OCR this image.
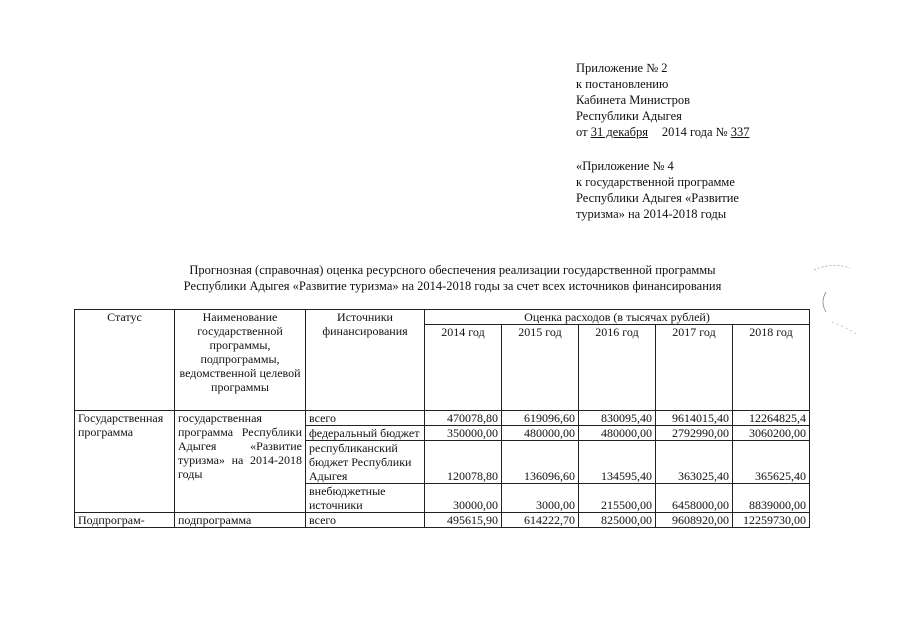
Приложение № 2
к постановлению
Кабинета Министров
Республики Адыгея
от 31 декабря 2014 года № 337
«Приложение № 4
к государственной программе
Республики Адыгея «Развитие
туризма» на 2014-2018 годы
Прогнозная (справочная) оценка ресурсного обеспечения реализации государственной программы
Республики Адыгея «Развитие туризма» на 2014-2018 годы за счет всех источников финансирования
Статус	Наименование государственной программы, подпрограммы, ведомственной целевой программы	Источники финансирования	Оценка расходов (в тысячах рублей)				
			2014 год	2015 год	2016 год	2017 год	2018 год
Государственная программа	государственная программа Республики Адыгея «Развитие туризма» на 2014-2018 годы	всего	470078,80	619096,60	830095,40	9614015,40	12264825,4
		федеральный бюджет	350000,00	480000,00	480000,00	2792990,00	3060200,00
		республиканский бюджет Республики Адыгея	120078,80	136096,60	134595,40	363025,40	365625,40
		внебюджетные источники	30000,00	3000,00	215500,00	6458000,00	8839000,00
Подпрограм-	подпрограмма	всего	495615,90	614222,70	825000,00	9608920,00	12259730,00
